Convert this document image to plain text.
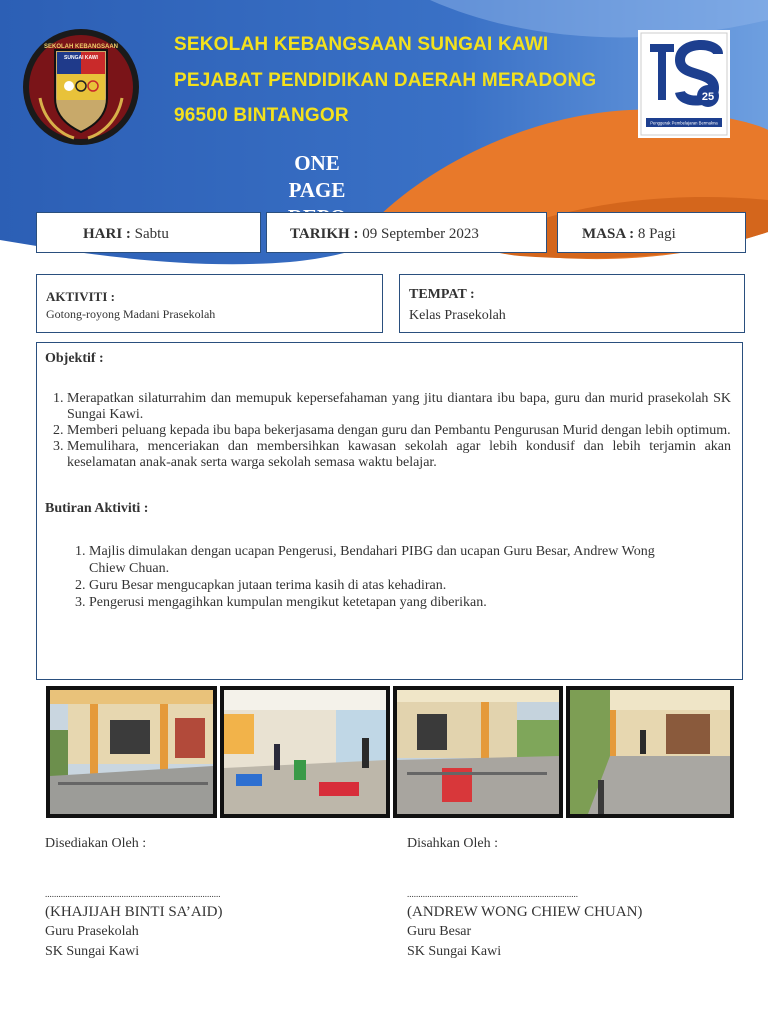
SEKOLAH KEBANGSAAN
SUNGAI KAWI
SEKOLAH KEBANGSAAN SUNGAI KAWI
PEJABAT PENDIDIKAN DAERAH MERADONG
96500 BINTANGOR
25
Penggerak Pembelajaran Bermakna
ONE
PAGE
HARI : Sabtu	TARIKH : 09 September 2023	MASA : 8 Pagi
AKTIVITI :
Gotong-royong Madani Prasekolah
TEMPAT :
Kelas Prasekolah
Objektif :
1. Merapatkan silaturrahim dan memupuk kepersefahaman yang jitu diantara ibu bapa, guru dan murid prasekolah SK Sungai Kawi.
2. Memberi peluang kepada ibu bapa bekerjasama dengan guru dan Pembantu Pengurusan Murid dengan lebih optimum.
3. Memulihara, menceriakan dan membersihkan kawasan sekolah agar lebih kondusif dan lebih terjamin akan keselamatan anak-anak serta warga sekolah semasa waktu belajar.
Butiran Aktiviti :
1. Majlis dimulakan dengan ucapan Pengerusi, Bendahari PIBG dan ucapan Guru Besar, Andrew Wong Chiew Chuan.
2. Guru Besar mengucapkan jutaan terima kasih di atas kehadiran.
3. Pengerusi mengagihkan kumpulan mengikut ketetapan yang diberikan.
Disediakan Oleh :
..............................................................................
(KHAJIJAH BINTI SA’AID)
Guru Prasekolah
SK Sungai Kawi
Disahkan Oleh :
............................................................................
(ANDREW WONG CHIEW CHUAN)
Guru Besar
SK Sungai Kawi
